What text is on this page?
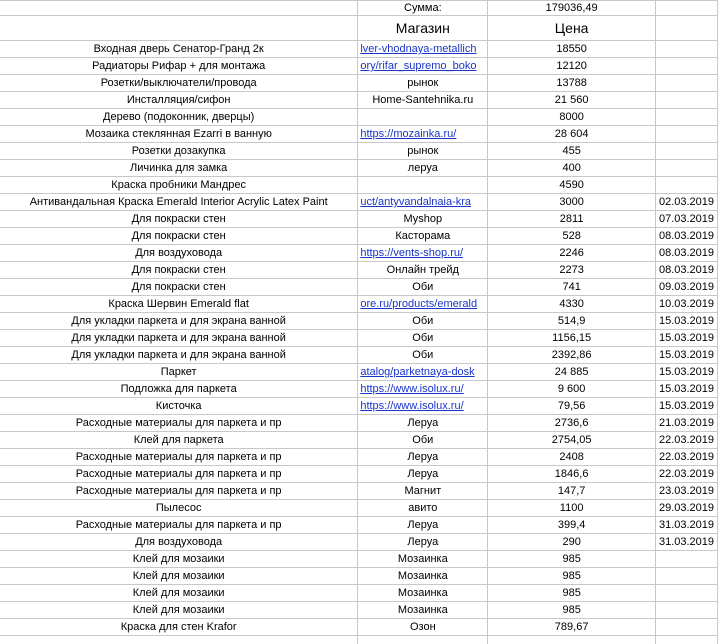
	Сумма:	179036,49	
	Магазин	Цена	
Входная дверь Сенатор-Гранд 2к	lver-vhodnaya-metallich	18550	
Радиаторы Рифар + для монтажа	ory/rifar_supremo_boko	12120	
Розетки/выключатели/провода	рынок	13788	
Инсталляция/сифон	Home-Santehnika.ru	21 560	
Дерево (подоконник, дверцы)		8000	
Мозаика стеклянная Ezarri в ванную	https://mozainka.ru/	28 604	
Розетки дозакупка	рынок	455	
Личинка для замка	леруа	400	
Краска пробники Мандрес		4590	
Антивандальная Краска Emerald Interior Acrylic Latex Paint	uct/antyvandalnaia-kra	3000	02.03.2019
Для покраски стен	Myshop	2811	07.03.2019
Для покраски стен	Касторама	528	08.03.2019
Для воздуховода	https://vents-shop.ru/	2246	08.03.2019
Для покраски стен	Онлайн трейд	2273	08.03.2019
Для покраски стен	Оби	741	09.03.2019
Краска Шервин Emerald flat	ore.ru/products/emerald	4330	10.03.2019
Для укладки паркета и для экрана ванной	Оби	514,9	15.03.2019
Для укладки паркета и для экрана ванной	Оби	1156,15	15.03.2019
Для укладки паркета и для экрана ванной	Оби	2392,86	15.03.2019
Паркет	atalog/parketnaya-dosk	24 885	15.03.2019
Подложка для паркета	https://www.isolux.ru/	9 600	15.03.2019
Кисточка	https://www.isolux.ru/	79,56	15.03.2019
Расходные материалы для паркета и пр	Леруа	2736,6	21.03.2019
Клей для паркета	Оби	2754,05	22.03.2019
Расходные материалы для паркета и пр	Леруа	2408	22.03.2019
Расходные материалы для паркета и пр	Леруа	1846,6	22.03.2019
Расходные материалы для паркета и пр	Магнит	147,7	23.03.2019
Пылесос	авито	1100	29.03.2019
Расходные материалы для паркета и пр	Леруа	399,4	31.03.2019
Для воздуховода	Леруа	290	31.03.2019
Клей для мозаики	Мозаинка	985	
Клей для мозаики	Мозаинка	985	
Клей для мозаики	Мозаинка	985	
Клей для мозаики	Мозаинка	985	
Краска для стен Krafor	Озон	789,67	
